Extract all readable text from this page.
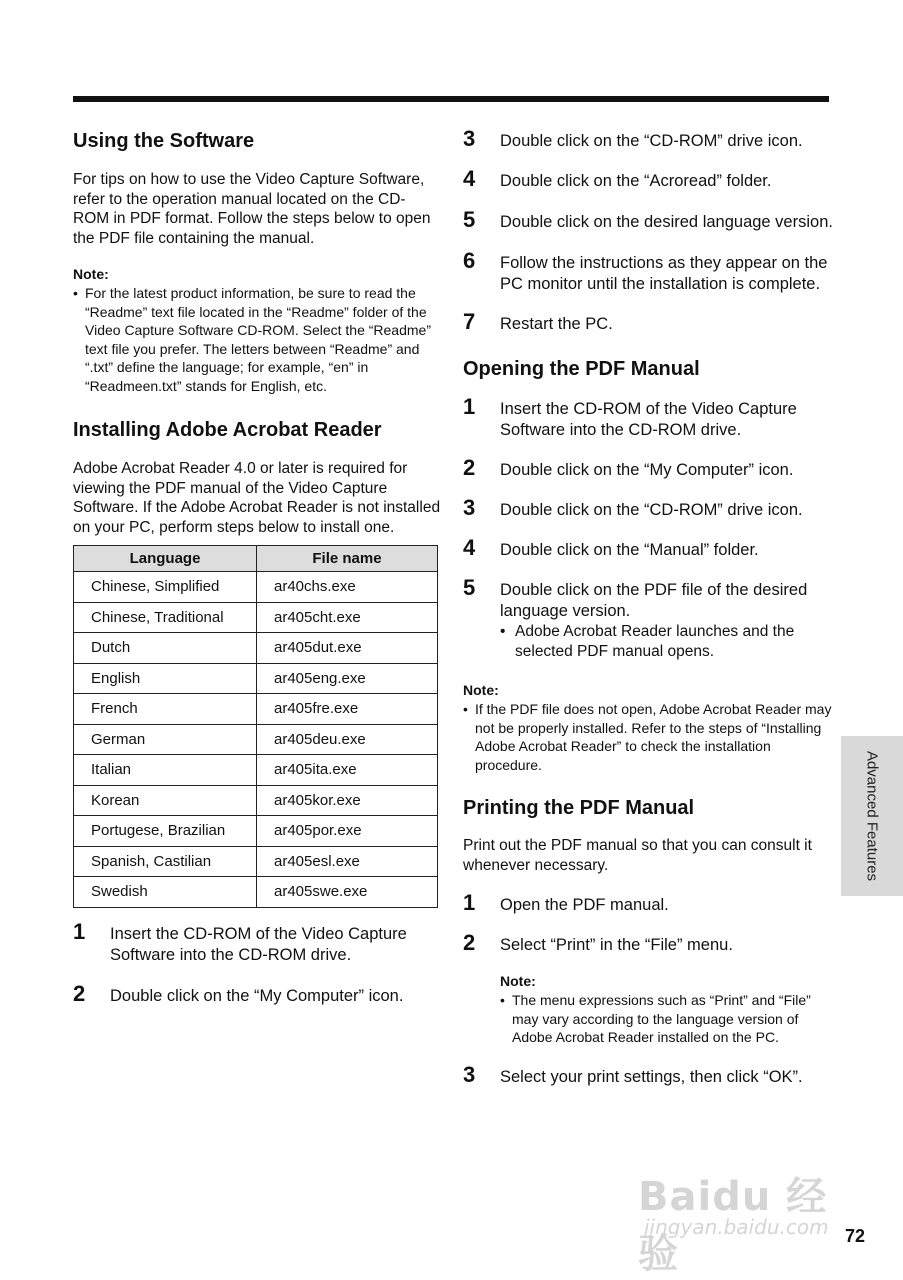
Using the Software

For tips on how to use the Video Capture Software, refer to the operation manual located on the CD-ROM in PDF format. Follow the steps below to open the PDF file containing the manual.

Note:

• For the latest product information, be sure to read the “Readme” text file located in the “Readme” folder of the Video Capture Software CD-ROM. Select the “Readme” text file you prefer. The letters between “Readme” and “.txt” define the language; for example, “en” in “Readmeen.txt” stands for English, etc.

Installing Adobe Acrobat Reader

Adobe Acrobat Reader 4.0 or later is required for viewing the PDF manual of the Video Capture Software. If the Adobe Acrobat Reader is not installed on your PC, perform steps below to install one.

Language	File name
Chinese, Simplified	ar40chs.exe
Chinese, Traditional	ar405cht.exe
Dutch	ar405dut.exe
English	ar405eng.exe
French	ar405fre.exe
German	ar405deu.exe
Italian	ar405ita.exe
Korean	ar405kor.exe
Portugese, Brazilian	ar405por.exe
Spanish, Castilian	ar405esl.exe
Swedish	ar405swe.exe
1 Insert the CD-ROM of the Video Capture Software into the CD-ROM drive.
2 Double click on the “My Computer” icon.
3 Double click on the “CD-ROM” drive icon.
4 Double click on the “Acroread” folder.
5 Double click on the desired language version.
6 Follow the instructions as they appear on the PC monitor until the installation is complete.
7 Restart the PC.
Opening the PDF Manual
1 Insert the CD-ROM of the Video Capture Software into the CD-ROM drive.
2 Double click on the “My Computer” icon.
3 Double click on the “CD-ROM” drive icon.
4 Double click on the “Manual” folder.
5 Double click on the PDF file of the desired language version.

• Adobe Acrobat Reader launches and the selected PDF manual opens.

Note:

• If the PDF file does not open, Adobe Acrobat Reader may not be properly installed. Refer to the steps of “Installing Adobe Acrobat Reader” to check the installation procedure.

Printing the PDF Manual

Print out the PDF manual so that you can consult it whenever necessary.

1 Open the PDF manual.
2 Select “Print” in the “File” menu.

Note:

• The menu expressions such as “Print” and “File” may vary according to the language version of Adobe Acrobat Reader installed on the PC.

3 Select your print settings, then click “OK”.
Advanced Features
Baidu 经验
jingyan.baidu.com 72
